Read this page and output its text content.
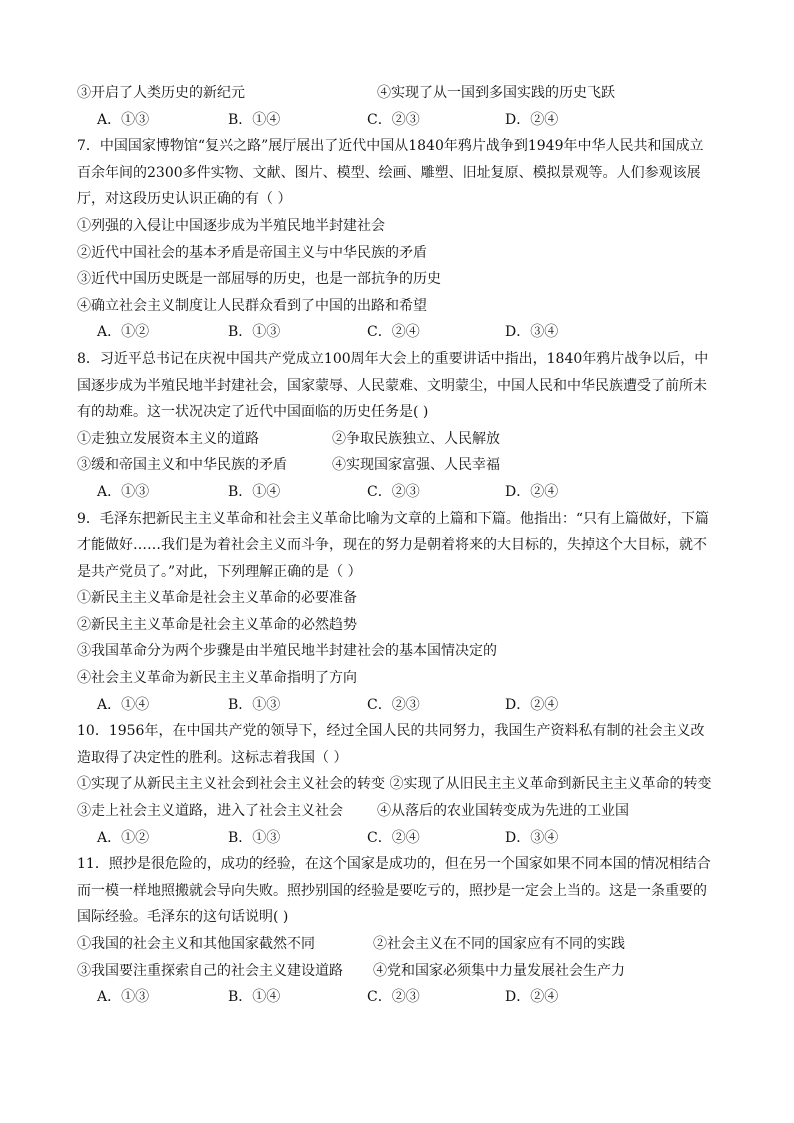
③开启了人类历史的新纪元	④实现了从一国到多国实践的历史飞跃
A．①③	B．①④	C．②③	D．②④
7．中国国家博物馆“复兴之路”展厅展出了近代中国从1840年鸦片战争到1949年中华人民共和国成立百余年间的2300多件实物、文献、图片、模型、绘画、雕塑、旧址复原、模拟景观等。人们参观该展厅，对这段历史认识正确的有（ ）
①列强的入侵让中国逐步成为半殖民地半封建社会
②近代中国社会的基本矛盾是帝国主义与中华民族的矛盾
③近代中国历史既是一部屈辱的历史，也是一部抗争的历史
④确立社会主义制度让人民群众看到了中国的出路和希望
A．①②	B．①③	C．②④	D．③④
8．习近平总书记在庆祝中国共产党成立100周年大会上的重要讲话中指出，1840年鸦片战争以后，中国逐步成为半殖民地半封建社会，国家蒙辱、人民蒙难、文明蒙尘，中国人民和中华民族遭受了前所未有的劫难。这一状况决定了近代中国面临的历史任务是( )
①走独立发展资本主义的道路	②争取民族独立、人民解放
③缓和帝国主义和中华民族的矛盾	④实现国家富强、人民幸福
A．①③	B．①④	C．②③	D．②④
9．毛泽东把新民主主义革命和社会主义革命比喻为文章的上篇和下篇。他指出：“只有上篇做好，下篇才能做好……我们是为着社会主义而斗争，现在的努力是朝着将来的大目标的，失掉这个大目标，就不是共产党员了。”对此，下列理解正确的是（ ）
①新民主主义革命是社会主义革命的必要准备
②新民主主义革命是社会主义革命的必然趋势
③我国革命分为两个步骤是由半殖民地半封建社会的基本国情决定的
④社会主义革命为新民主主义革命指明了方向
A．①④	B．①③	C．②③	D．②④
10．1956年，在中国共产党的领导下，经过全国人民的共同努力，我国生产资料私有制的社会主义改造取得了决定性的胜利。这标志着我国（ ）
①实现了从新民主主义社会到社会主义社会的转变 ②实现了从旧民主主义革命到新民主主义革命的转变
③走上社会主义道路，进入了社会主义社会 ④从落后的农业国转变成为先进的工业国
A．①②	B．①③	C．②④	D．③④
11．照抄是很危险的，成功的经验，在这个国家是成功的，但在另一个国家如果不同本国的情况相结合而一模一样地照搬就会导向失败。照抄别国的经验是要吃亏的，照抄是一定会上当的。这是一条重要的国际经验。毛泽东的这句话说明( )
①我国的社会主义和其他国家截然不同	②社会主义在不同的国家应有不同的实践
③我国要注重探索自己的社会主义建设道路 ④党和国家必须集中力量发展社会生产力
A．①③	B．①④	C．②③	D．②④
